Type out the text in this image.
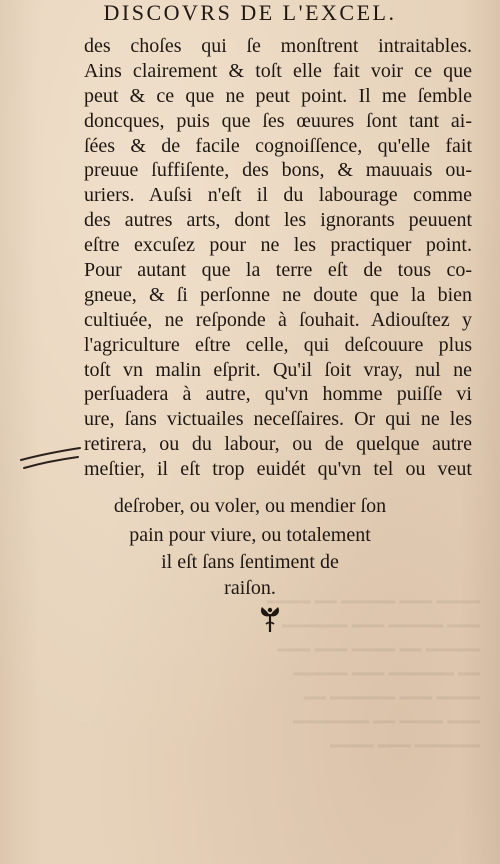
DISCOVRS DE L'EXCEL.
━━━━ ━━━ ━━━━━ ━━ ━━━━
━━━ ━━━━━ ━━━ ━━━━━━
━━━━━ ━━ ━━━━ ━━━ ━━━
━━ ━━━━━━ ━━━ ━━━━━
━━━━ ━━━ ━━━━━━ ━━
━━━ ━━━━ ━━ ━━━━━━━
━━━━━━ ━━━ ━━━━
des choſes qui ſe monſtrent intraitables.
Ains clairement & toſt elle fait voir ce que
peut & ce que ne peut point. Il me ſemble
doncques, puis que ſes œuures ſont tant ai-
ſées & de facile cognoiſſence, qu'elle fait
preuue ſuffiſente, des bons, & mauuais ou-
uriers. Auſsi n'eſt il du labourage comme
des autres arts, dont les ignorants peuuent
eſtre excuſez pour ne les practiquer point.
Pour autant que la terre eſt de tous co-
gneue, & ſi perſonne ne doute que la bien
cultiuée, ne reſponde à ſouhait. Adiouſtez y
l'agriculture eſtre celle, qui deſcouure plus
toſt vn malin eſprit. Qu'il ſoit vray, nul ne
perſuadera à autre, qu'vn homme puiſſe vi
ure, ſans victuailes neceſſaires. Or qui ne les
retirera, ou du labour, ou de quelque autre
meſtier, il eſt trop euidét qu'vn tel ou veut
deſrober, ou voler, ou mendier ſon
pain pour viure, ou totalement
il eſt ſans ſentiment de
raiſon.
